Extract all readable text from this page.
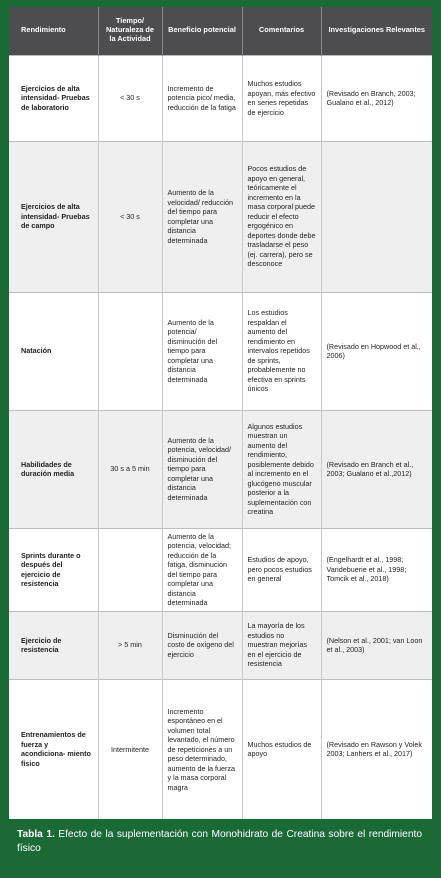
Rendimiento	Tiempo/ Naturaleza de la Actividad	Beneficio potencial	Comentarios	Investigaciones Relevantes
Ejercicios de alta intensidad- Pruebas de laboratorio	< 30 s	Incremento de potencia pico/ media, reducción de la fatiga	Muchos estudios apoyan, más efectivo en series repetidas de ejercicio	(Revisado en Branch, 2003; Gualano et al., 2012)
Ejercicios de alta intensidad- Pruebas de campo	< 30 s	Aumento de la velocidad/ reducción del tiempo para completar una distancia determinada	Pocos estudios de apoyo en general, teóricamente el incremento en la masa corporal puede reducir el efecto ergogénico en deportes donde debe trasladarse el peso (ej. carrera), pero se desconoce	
Natación		Aumento de la potencia/ disminución del tiempo para completar una distancia determinada	Los estudios respaldan el aumento del rendimiento en intervalos repetidos de sprints, probablemente no efectiva en sprints únicos	(Revisado en Hopwood et al., 2006)
Habilidades de duración media	30 s a 5 min	Aumento de la potencia, velocidad/ disminución del tiempo para completar una distancia determinada	Algunos estudios muestran un aumento del rendimiento, posiblemente debido al incremento en el glucógeno muscular posterior a la suplementación con creatina	(Revisado en Branch et al., 2003; Gualano et al.,2012)
Sprints durante o después del ejercicio de resistencia		Aumento de la potencia, velocidad; reducción de la fatiga, disminución del tiempo para completar una distancia determinada	Estudios de apoyo, pero pocos estudios en general	(Engelhardt et al., 1998; Vandebuerie et al., 1998; Tomcik et al., 2018)
Ejercicio de resistencia	> 5 min	Disminución del costo de oxígeno del ejercicio	La mayoría de los estudios no muestran mejorías en el ejercicio de resistencia	(Nelson et al., 2001; van Loon et al., 2003)
Entrenamientos de fuerza y acondiciona- miento físico	Intermitente	Incremento espontáneo en el volumen total levantado, el número de repeticiones a un peso determinado, aumento de la fuerza y la masa corporal magra	Muchos estudios de apoyo	(Revisado en Rawson y Volek 2003; Lanhers et al., 2017)
Tabla 1. Efecto de la suplementación con Monohidrato de Creatina sobre el rendimiento físico
